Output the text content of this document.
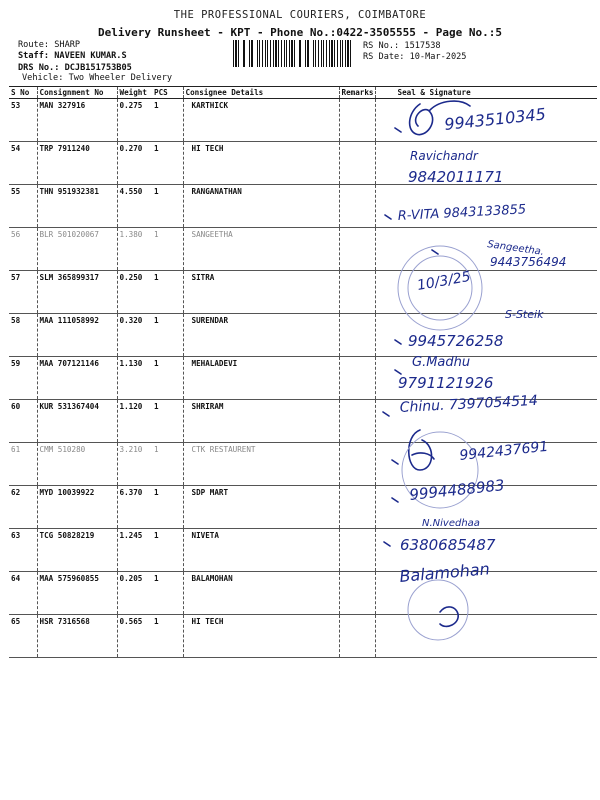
THE PROFESSIONAL COURIERS, COIMBATORE
Delivery Runsheet - KPT - Phone No.:0422-3505555 - Page No.:5
Route: SHARP
Staff: NAVEEN KUMAR.S
DRS No.: DCJB151753B05
Vehicle: Two Wheeler Delivery
RS No.: 1517538
RS Date: 10-Mar-2025
S No	Consignment No	Weight	PCS	Consignee Details	Remarks	Seal & Signature
53	MAN 327916	0.275	1	KARTHICK		
54	TRP 7911240	0.270	1	HI TECH		
55	THN 951932381	4.550	1	RANGANATHAN		
56	BLR 501020067	1.380	1	SANGEETHA		
57	SLM 365899317	0.250	1	SITRA		
58	MAA 111058992	0.320	1	SURENDAR		
59	MAA 707121146	1.130	1	MEHALADEVI		
60	KUR 531367404	1.120	1	SHRIRAM		
61	CMM 510280	3.210	1	CTK RESTAURENT		
62	MYD 10039922	6.370	1	SDP MART		
63	TCG 50828219	1.245	1	NIVETA		
64	MAA 575960855	0.205	1	BALAMOHAN		
65	HSR 7316568	0.565	1	HI TECH		
9943510345
Ravichandr
9842011171
R-VITA 9843133855
Sangeetha.
9443756494
10/3/25
S-Steik
9945726258
G.Madhu
9791121926
Chinu. 7397054514
9942437691
9994488983
N.Nivedhaa
6380685487
Balamohan
